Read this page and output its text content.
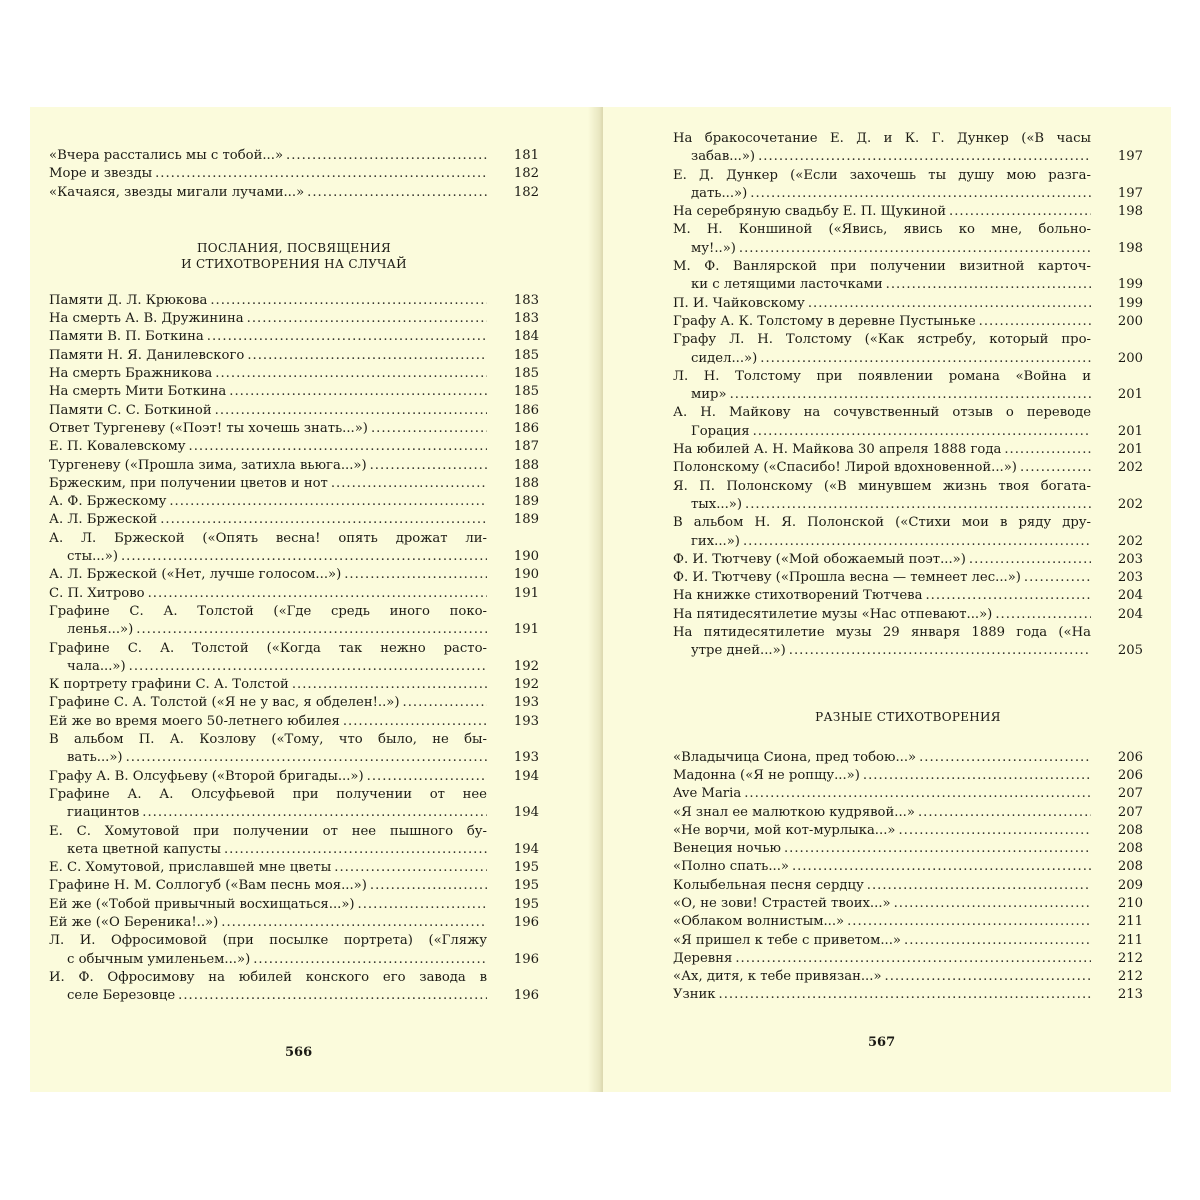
«Вчера расстались мы с тобой...» .....	181
Море и звезды .....	182
«Качаяся, звезды мигали лучами...» .....	182
ПОСЛАНИЯ, ПОСВЯЩЕНИЯ
И СТИХОТВОРЕНИЯ НА СЛУЧАЙ
Памяти Д. Л. Крюкова .....	183
На смерть А. В. Дружинина .....	183
Памяти В. П. Боткина .....	184
Памяти Н. Я. Данилевского .....	185
На смерть Бражникова .....	185
На смерть Мити Боткина .....	185
Памяти С. С. Боткиной .....	186
Ответ Тургеневу («Поэт! ты хочешь знать...») .....	186
Е. П. Ковалевскому .....	187
Тургеневу («Прошла зима, затихла вьюга...») .....	188
Бржеским, при получении цветов и нот .....	188
А. Ф. Бржескому .....	189
А. Л. Бржеской .....	189
А. Л. Бржеской («Опять весна! опять дрожат ли-
сты...») .....	190
А. Л. Бржеской («Нет, лучше голосом...») .....	190
С. П. Хитрово .....	191
Графине С. А. Толстой («Где средь иного поко-
ленья...») .....	191
Графине С. А. Толстой («Когда так нежно расто-
чала...») .....	192
К портрету графини С. А. Толстой .....	192
Графине С. А. Толстой («Я не у вас, я обделен!..») .....	193
Ей же во время моего 50-летнего юбилея .....	193
В альбом П. А. Козлову («Тому, что было, не бы-
вать...») .....	193
Графу А. В. Олсуфьеву («Второй бригады...») .....	194
Графине А. А. Олсуфьевой при получении от нее
гиацинтов .....	194
Е. С. Хомутовой при получении от нее пышного бу-
кета цветной капусты .....	194
Е. С. Хомутовой, приславшей мне цветы .....	195
Графине Н. М. Соллогуб («Вам песнь моя...») .....	195
Ей же («Тобой привычный восхищаться...») .....	195
Ей же («О Береника!..») .....	196
Л. И. Офросимовой (при посылке портрета) («Гляжу
с обычным умиленьем...») .....	196
И. Ф. Офросимову на юбилей конского его завода в
селе Березовце .....	196
566
На бракосочетание Е. Д. и К. Г. Дункер («В часы
забав...») .....	197
Е. Д. Дункер («Если захочешь ты душу мою разга-
дать...») .....	197
На серебряную свадьбу Е. П. Щукиной .....	198
М. Н. Коншиной («Явись, явись ко мне, больно-
му!..») .....	198
М. Ф. Ванлярской при получении визитной карточ-
ки с летящими ласточками .....	199
П. И. Чайковскому .....	199
Графу А. К. Толстому в деревне Пустыньке .....	200
Графу Л. Н. Толстому («Как ястребу, который про-
сидел...») .....	200
Л. Н. Толстому при появлении романа «Война и
мир» .....	201
А. Н. Майкову на сочувственный отзыв о переводе
Горация .....	201
На юбилей А. Н. Майкова 30 апреля 1888 года .....	201
Полонскому («Спасибо! Лирой вдохновенной...») .....	202
Я. П. Полонскому («В минувшем жизнь твоя богата-
тых...») .....	202
В альбом Н. Я. Полонской («Стихи мои в ряду дру-
гих...») .....	202
Ф. И. Тютчеву («Мой обожаемый поэт...») .....	203
Ф. И. Тютчеву («Прошла весна — темнеет лес...») .....	203
На книжке стихотворений Тютчева .....	204
На пятидесятилетие музы «Нас отпевают...») .....	204
На пятидесятилетие музы 29 января 1889 года («На
утре дней...») .....	205
РАЗНЫЕ СТИХОТВОРЕНИЯ
«Владычица Сиона, пред тобою...» .....	206
Мадонна («Я не ропщу...») .....	206
Ave Maria .....	207
«Я знал ее малюткою кудрявой...» .....	207
«Не ворчи, мой кот-мурлыка...» .....	208
Венеция ночью .....	208
«Полно спать...» .....	208
Колыбельная песня сердцу .....	209
«О, не зови! Страстей твоих...» .....	210
«Облаком волнистым...» .....	211
«Я пришел к тебе с приветом...» .....	211
Деревня .....	212
«Ах, дитя, к тебе привязан...» .....	212
Узник .....	213
567
